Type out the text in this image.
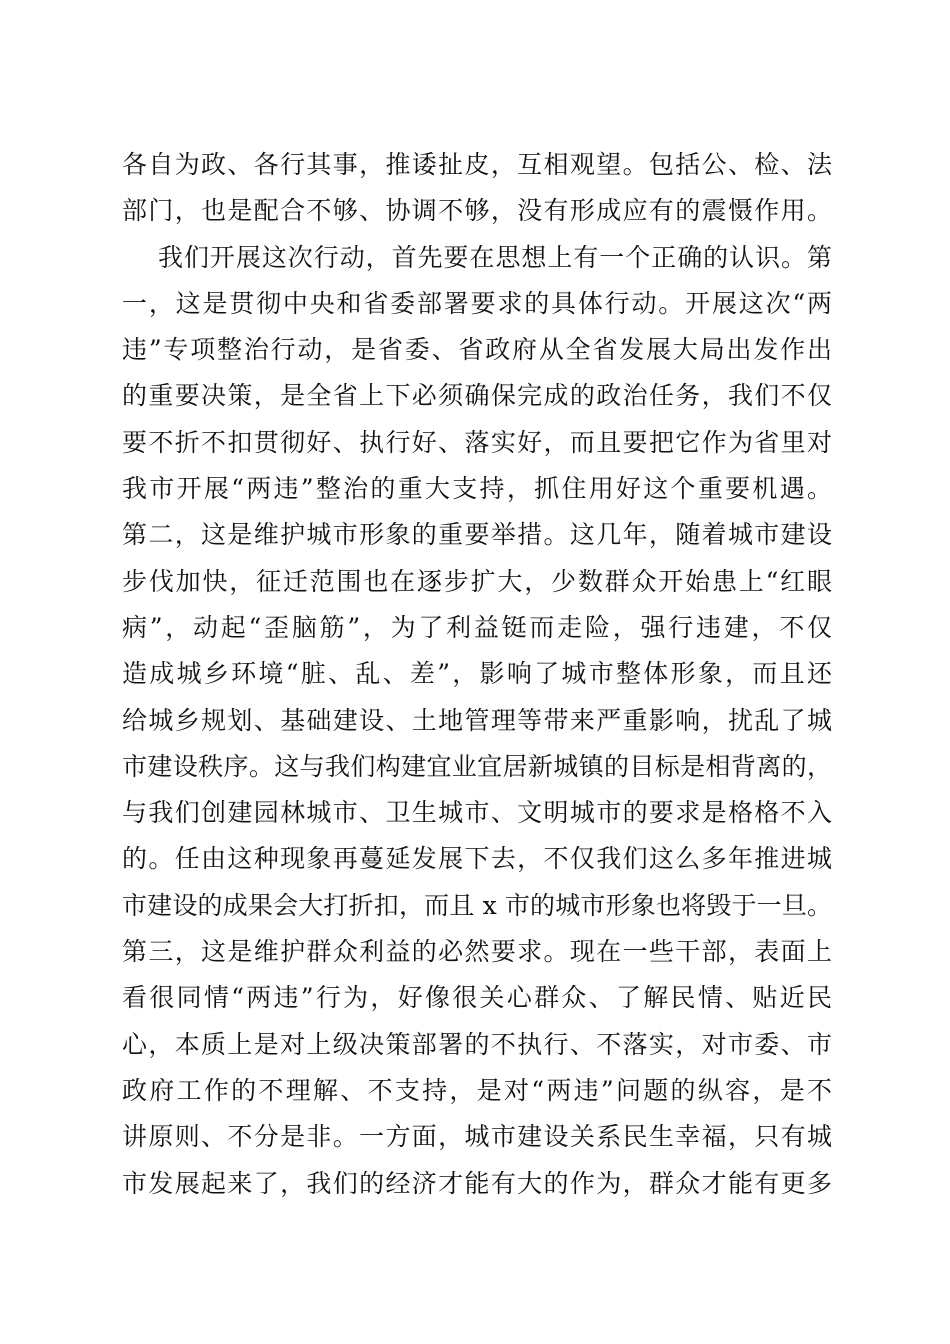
各自为政、各行其事，推诿扯皮，互相观望。包括公、检、法
部门，也是配合不够、协调不够，没有形成应有的震慑作用。
我们开展这次行动，首先要在思想上有一个正确的认识。第
一，这是贯彻中央和省委部署要求的具体行动。开展这次“两
违”专项整治行动，是省委、省政府从全省发展大局出发作出
的重要决策，是全省上下必须确保完成的政治任务，我们不仅
要不折不扣贯彻好、执行好、落实好，而且要把它作为省里对
我市开展“两违”整治的重大支持，抓住用好这个重要机遇。
第二，这是维护城市形象的重要举措。这几年，随着城市建设
步伐加快，征迁范围也在逐步扩大，少数群众开始患上“红眼
病”，动起“歪脑筋”，为了利益铤而走险，强行违建，不仅
造成城乡环境“脏、乱、差”，影响了城市整体形象，而且还
给城乡规划、基础建设、土地管理等带来严重影响，扰乱了城
市建设秩序。这与我们构建宜业宜居新城镇的目标是相背离的，
与我们创建园林城市、卫生城市、文明城市的要求是格格不入
的。任由这种现象再蔓延发展下去，不仅我们这么多年推进城
市建设的成果会大打折扣，而且 x 市的城市形象也将毁于一旦。
第三，这是维护群众利益的必然要求。现在一些干部，表面上
看很同情“两违”行为，好像很关心群众、了解民情、贴近民
心，本质上是对上级决策部署的不执行、不落实，对市委、市
政府工作的不理解、不支持，是对“两违”问题的纵容，是不
讲原则、不分是非。一方面，城市建设关系民生幸福，只有城
市发展起来了，我们的经济才能有大的作为，群众才能有更多
